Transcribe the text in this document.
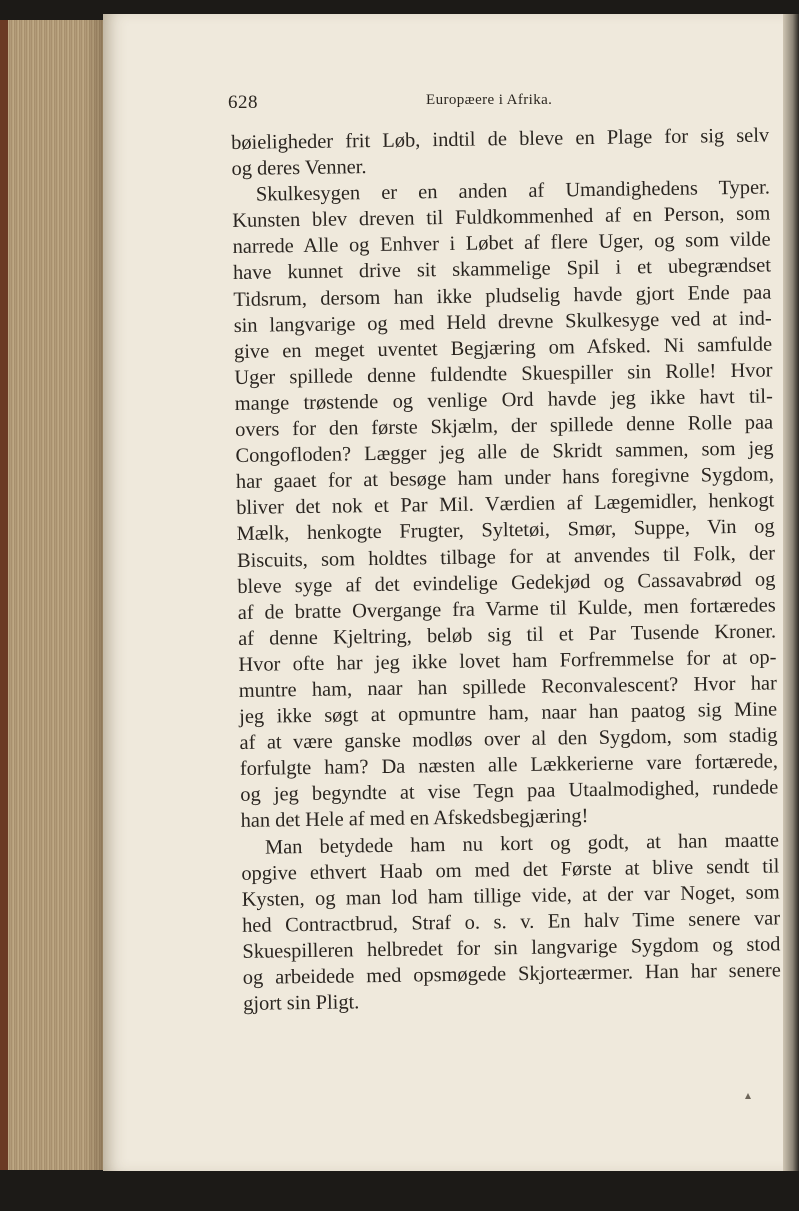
628	Europæere i Afrika.
bøieligheder frit Løb, indtil de bleve en Plage for sig selv
og deres Venner.
Skulkesygen er en anden af Umandighedens Typer.
Kunsten blev dreven til Fuldkommenhed af en Person, som
narrede Alle og Enhver i Løbet af flere Uger, og som vilde
have kunnet drive sit skammelige Spil i et ubegrændset
Tidsrum, dersom han ikke pludselig havde gjort Ende paa
sin langvarige og med Held drevne Skulkesyge ved at ind-
give en meget uventet Begjæring om Afsked. Ni samfulde
Uger spillede denne fuldendte Skuespiller sin Rolle! Hvor
mange trøstende og venlige Ord havde jeg ikke havt til-
overs for den første Skjælm, der spillede denne Rolle paa
Congofloden? Lægger jeg alle de Skridt sammen, som jeg
har gaaet for at besøge ham under hans foregivne Sygdom,
bliver det nok et Par Mil. Værdien af Lægemidler, henkogt
Mælk, henkogte Frugter, Syltetøi, Smør, Suppe, Vin og
Biscuits, som holdtes tilbage for at anvendes til Folk, der
bleve syge af det evindelige Gedekjød og Cassavabrød og
af de bratte Overgange fra Varme til Kulde, men fortæredes
af denne Kjeltring, beløb sig til et Par Tusende Kroner.
Hvor ofte har jeg ikke lovet ham Forfremmelse for at op-
muntre ham, naar han spillede Reconvalescent? Hvor har
jeg ikke søgt at opmuntre ham, naar han paatog sig Mine
af at være ganske modløs over al den Sygdom, som stadig
forfulgte ham? Da næsten alle Lækkerierne vare fortærede,
og jeg begyndte at vise Tegn paa Utaalmodighed, rundede
han det Hele af med en Afskedsbegjæring!
Man betydede ham nu kort og godt, at han maatte
opgive ethvert Haab om med det Første at blive sendt til
Kysten, og man lod ham tillige vide, at der var Noget, som
hed Contractbrud, Straf o. s. v. En halv Time senere var
Skuespilleren helbredet for sin langvarige Sygdom og stod
og arbeidede med opsmøgede Skjorteærmer. Han har senere
gjort sin Pligt.
